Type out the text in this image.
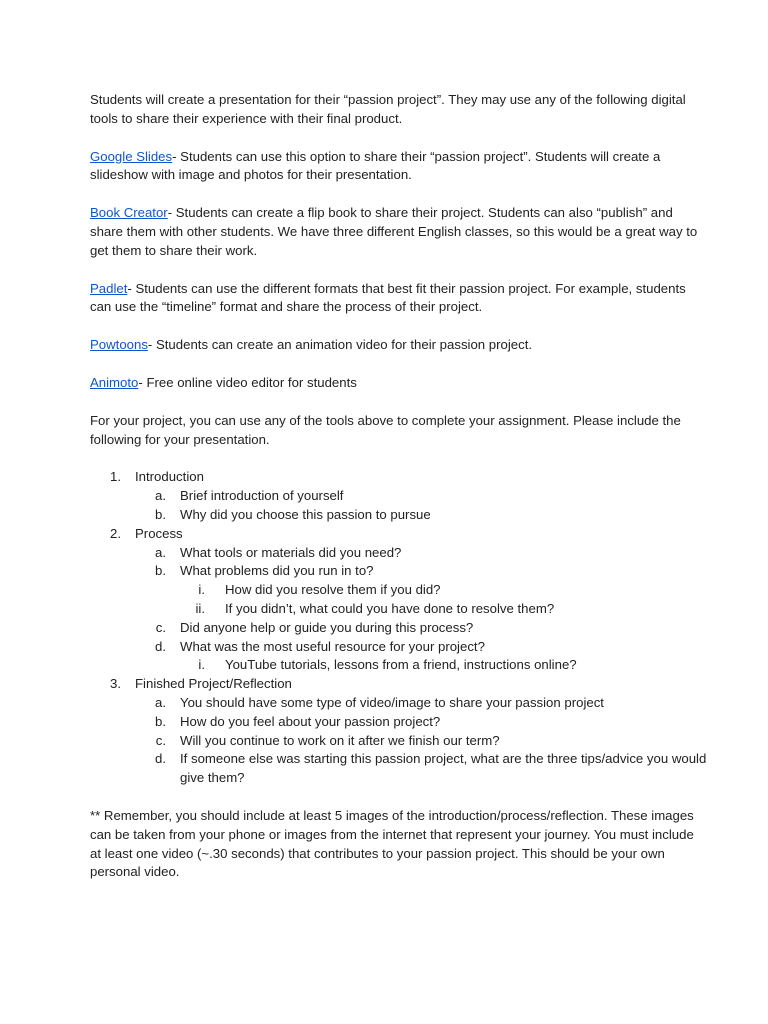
Students will create a presentation for their “passion project”. They may use any of the following digital tools to share their experience with their final product.

Google Slides- Students can use this option to share their “passion project”. Students will create a slideshow with image and photos for their presentation.

Book Creator- Students can create a flip book to share their project. Students can also “publish” and share them with other students. We have three different English classes, so this would be a great way to get them to share their work.

Padlet- Students can use the different formats that best fit their passion project. For example, students can use the “timeline” format and share the process of their project.

Powtoons- Students can create an animation video for their passion project.

Animoto- Free online video editor for students

For your project, you can use any of the tools above to complete your assignment. Please include the following for your presentation.

1. Introduction
a. Brief introduction of yourself
b. Why did you choose this passion to pursue
2. Process
a. What tools or materials did you need?
b. What problems did you run in to?
i. How did you resolve them if you did?
ii. If you didn’t, what could you have done to resolve them?
c. Did anyone help or guide you during this process?
d. What was the most useful resource for your project?
i. YouTube tutorials, lessons from a friend, instructions online?
3. Finished Project/Reflection
a. You should have some type of video/image to share your passion project
b. How do you feel about your passion project?
c. Will you continue to work on it after we finish our term?
d. If someone else was starting this passion project, what are the three tips/advice you would give them?

** Remember, you should include at least 5 images of the introduction/process/reflection. These images can be taken from your phone or images from the internet that represent your journey. You must include at least one video (~.30 seconds) that contributes to your passion project. This should be your own personal video.
